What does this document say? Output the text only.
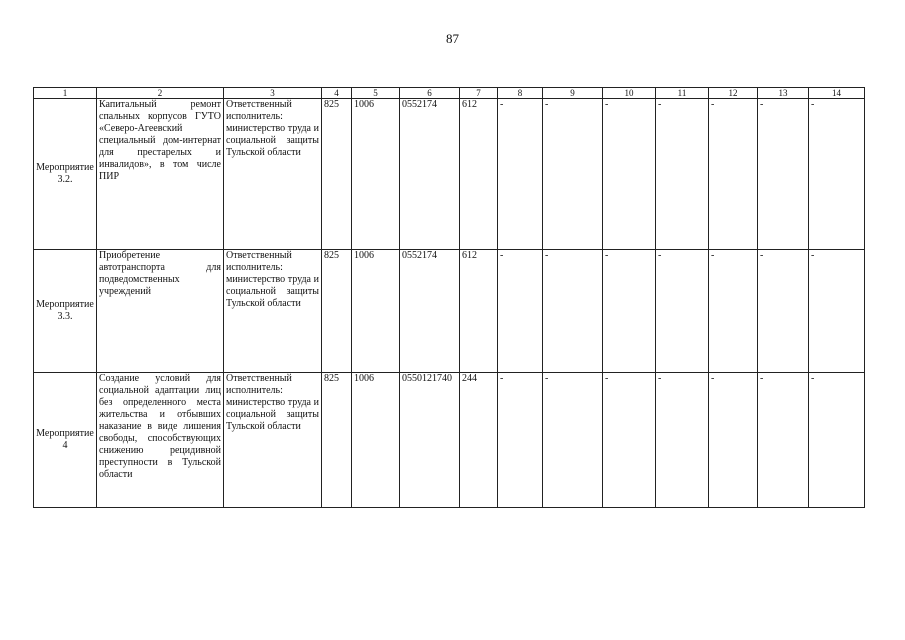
87
1	2	3	4	5	6	7	8	9	10	11	12	13	14
Мероприятие 3.2.	Капитальный ремонт спальных корпусов ГУТО «Северо-Агеевский специальный дом-интернат для престарелых и инвалидов», в том числе ПИР	Ответственный исполнитель: министерство труда и социальной защиты Тульской области	825	1006	0552174	612	-	-	-	-	-	-	-
Мероприятие 3.3.	Приобретение автотранспорта для подведомственных учреждений	Ответственный исполнитель: министерство труда и социальной защиты Тульской области	825	1006	0552174	612	-	-	-	-	-	-	-
Мероприятие 4	Создание условий для социальной адаптации лиц без определенного места жительства и отбывших наказание в виде лишения свободы, способствующих снижению рецидивной преступности в Тульской области	Ответственный исполнитель: министерство труда и социальной защиты Тульской области	825	1006	0550121740	244	-	-	-	-	-	-	-
